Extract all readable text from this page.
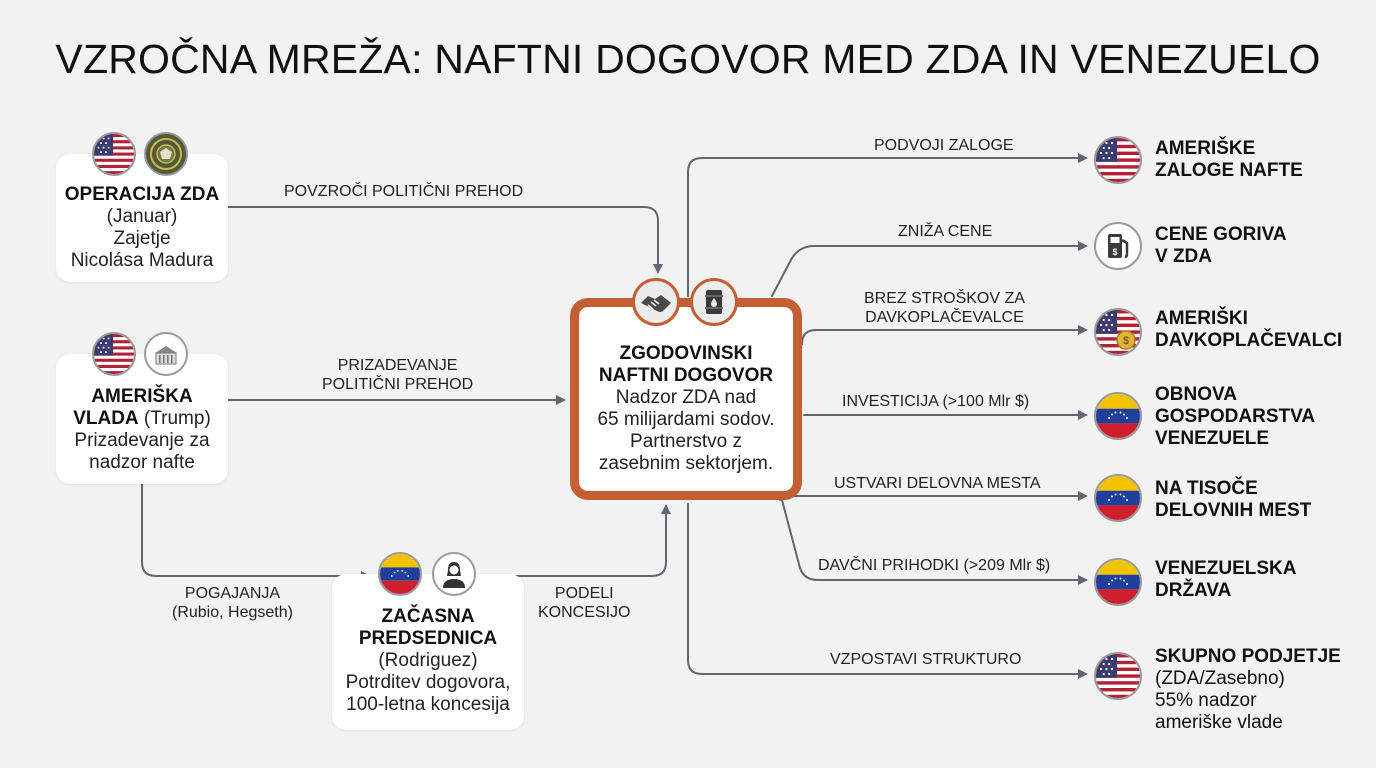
VZROČNA MREŽA: NAFTNI DOGOVOR MED ZDA IN VENEZUELO
POVZROČI POLITIČNI PREHOD
PRIZADEVANJE
POLITIČNI PREHOD
POGAJANJA
(Rubio, Hegseth)
PODELI
KONCESIJO
OPERACIJA ZDA
(Januar)
Zajetje
Nicolása Madura
AMERIŠKA
VLADA (Trump)
Prizadevanje za
nadzor nafte
ZAČASNA
PREDSEDNICA
(Rodriguez)
Potrditev dogovora,
100-letna koncesija
ZGODOVINSKI
NAFTNI DOGOVOR
Nadzor ZDA nad
65 milijardami sodov.
Partnerstvo z
zasebnim sektorjem.
PODVOJI ZALOGE
ZNIŽA CENE
BREZ STROŠKOV ZA
DAVKOPLAČEVALCE
INVESTICIJA (>100 Mlr $)
USTVARI DELOVNA MESTA
DAVČNI PRIHODKI (>209 Mlr $)
VZPOSTAVI STRUKTURO
$
$
AMERIŠKE
ZALOGE NAFTE
CENE GORIVA
V ZDA
AMERIŠKI
DAVKOPLAČEVALCI
OBNOVA
GOSPODARSTVA
VENEZUELE
NA TISOČE
DELOVNIH MEST
VENEZUELSKA
DRŽAVA
SKUPNO PODJETJE
(ZDA/Zasebno)
55% nadzor
ameriške vlade
